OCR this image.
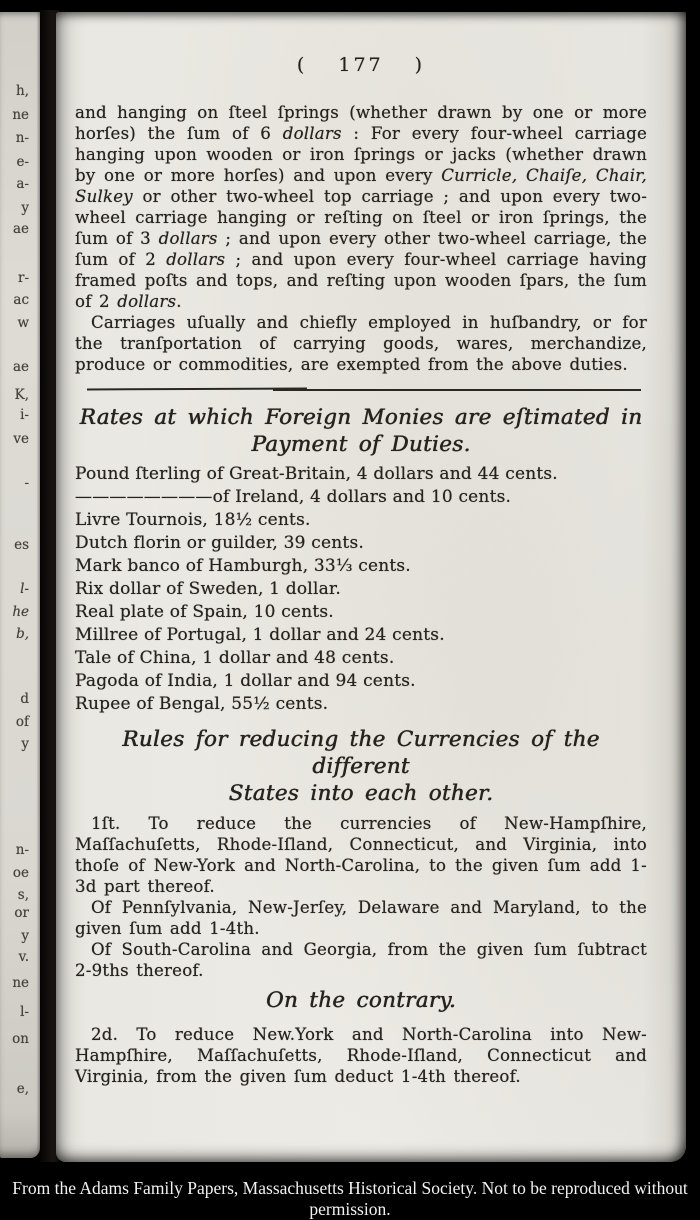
h,
ne
n-
e-
a-
y
ae
r-
ac
w
ae
K,
i-
ve
-
es
l-
he
b,
d
of
y
n-
oe
s,
or
y
v.
ne
l-
on
e,
( 177 )

and hanging on ſteel ſprings (whether drawn by one or more horſes) the ſum of 6 dollars : For every four-wheel carriage hanging upon wooden or iron ſprings or jacks (whether drawn by one or more horſes) and upon every Curricle, Chaiſe, Chair, Sulkey or other two-wheel top carriage ; and upon every two-wheel carriage hanging or reſting on ſteel or iron ſprings, the ſum of 3 dollars ; and upon every other two-wheel carriage, the ſum of 2 dollars ; and upon every four-wheel carriage having framed poſts and tops, and reſting upon wooden ſpars, the ſum of 2 dollars.

Carriages uſually and chiefly employed in huſbandry, or for the tranſportation of carrying goods, wares, merchandize, produce or commodities, are exempted from the above duties.

Rates at which Foreign Monies are eſtimated in
Payment of Duties.
Pound ſterling of Great-Britain, 4 dollars and 44 cents.
————————of Ireland, 4 dollars and 10 cents.
Livre Tournois, 18½ cents.
Dutch florin or guilder, 39 cents.
Mark banco of Hamburgh, 33⅓ cents.
Rix dollar of Sweden, 1 dollar.
Real plate of Spain, 10 cents.
Millree of Portugal, 1 dollar and 24 cents.
Tale of China, 1 dollar and 48 cents.
Pagoda of India, 1 dollar and 94 cents.
Rupee of Bengal, 55½ cents.
Rules for reducing the Currencies of the different
States into each other.

1ſt. To reduce the currencies of New-Hampſhire, Maſſachuſetts, Rhode-Iſland, Connecticut, and Virginia, into thoſe of New-York and North-Carolina, to the given ſum add 1-3d part thereof.

Of Pennſylvania, New-Jerſey, Delaware and Maryland, to the given ſum add 1-4th.

Of South-Carolina and Georgia, from the given ſum ſubtract 2-9ths thereof.

On the contrary.

2d. To reduce New.York and North-Carolina into New-Hampſhire, Maſſachuſetts, Rhode-Iſland, Connecticut and Virginia, from the given ſum deduct 1-4th thereof.

From the Adams Family Papers, Massachusetts Historical Society. Not to be reproduced without permission.
